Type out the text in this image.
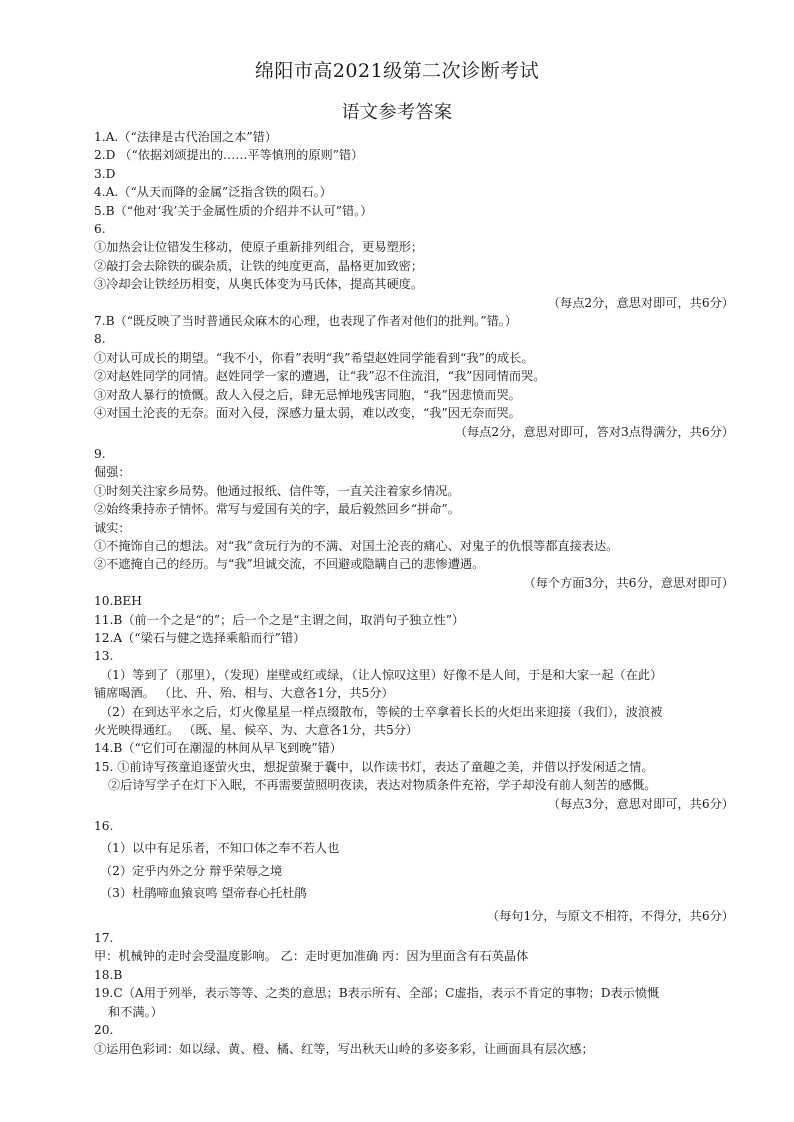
绵阳市高2021级第二次诊断考试
语文参考答案
1.A.（“法律是古代治国之本”错）
2.D （“依据刘颂提出的……平等慎刑的原则”错）
3.D
4.A.（“从天而降的金属”泛指含铁的陨石。）
5.B（“他对‘我’关于金属性质的介绍并不认可”错。）
6.
①加热会让位错发生移动，使原子重新排列组合，更易塑形；
②敲打会去除铁的碳杂质，让铁的纯度更高，晶格更加致密；
③冷却会让铁经历相变，从奥氏体变为马氏体，提高其硬度。
（每点2分，意思对即可，共6分）
7.B（“既反映了当时普通民众麻木的心理，也表现了作者对他们的批判。”错。）
8.
①对认可成长的期望。“我不小，你看”表明“我”希望赵姓同学能看到“我”的成长。
②对赵姓同学的同情。赵姓同学一家的遭遇，让“我”忍不住流泪，“我”因同情而哭。
③对敌人暴行的愤慨。敌人入侵之后，肆无忌惮地残害同胞，“我”因悲愤而哭。
④对国土沦丧的无奈。面对入侵，深感力量太弱，难以改变，“我”因无奈而哭。
（每点2分，意思对即可，答对3点得满分，共6分）
9.
倔强：
①时刻关注家乡局势。他通过报纸、信件等，一直关注着家乡情况。
②始终秉持赤子情怀。常写与爱国有关的字，最后毅然回乡“拼命”。
诚实：
①不掩饰自己的想法。对“我”贪玩行为的不满、对国土沦丧的痛心、对鬼子的仇恨等都直接表达。
②不遮掩自己的经历。与“我”坦诚交流，不回避或隐瞒自己的悲惨遭遇。
（每个方面3分，共6分，意思对即可）
10.BEH
11.B（前一个之是“的”；后一个之是“主谓之间，取消句子独立性”）
12.A（“梁石与健之选择乘船而行”错）
13.
（1）等到了（那里），（发现）崖壁或红或绿，（让人惊叹这里）好像不是人间，于是和大家一起（在此）
铺席喝酒。 （比、升、殆、相与、大意各1分，共5分）
（2）在到达平水之后，灯火像星星一样点缀散布，等候的士卒拿着长长的火炬出来迎接（我们），波浪被
火光映得通红。 （既、星、候卒、为、大意各1分，共5分）
14.B（“它们可在潮湿的林间从早飞到晚”错）
15. ①前诗写孩童追逐萤火虫，想捉萤聚于囊中，以作读书灯，表达了童趣之美，并借以抒发闲适之情。
②后诗写学子在灯下入眠，不再需要萤照明夜读，表达对物质条件充裕，学子却没有前人刻苦的感慨。
（每点3分，意思对即可，共6分）
16.
（1）以中有足乐者，不知口体之奉不若人也
（2）定乎内外之分 辩乎荣辱之境
（3）杜鹃啼血猿哀鸣 望帝春心托杜鹃
（每句1分，与原文不相符，不得分，共6分）
17.
甲：机械钟的走时会受温度影响。 乙：走时更加准确 丙：因为里面含有石英晶体
18.B
19.C（A用于列举，表示等等、之类的意思；B表示所有、全部；C虚指，表示不肯定的事物；D表示愤慨
和不满。）
20.
①运用色彩词：如以绿、黄、橙、橘、红等，写出秋天山岭的多姿多彩，让画面具有层次感；
